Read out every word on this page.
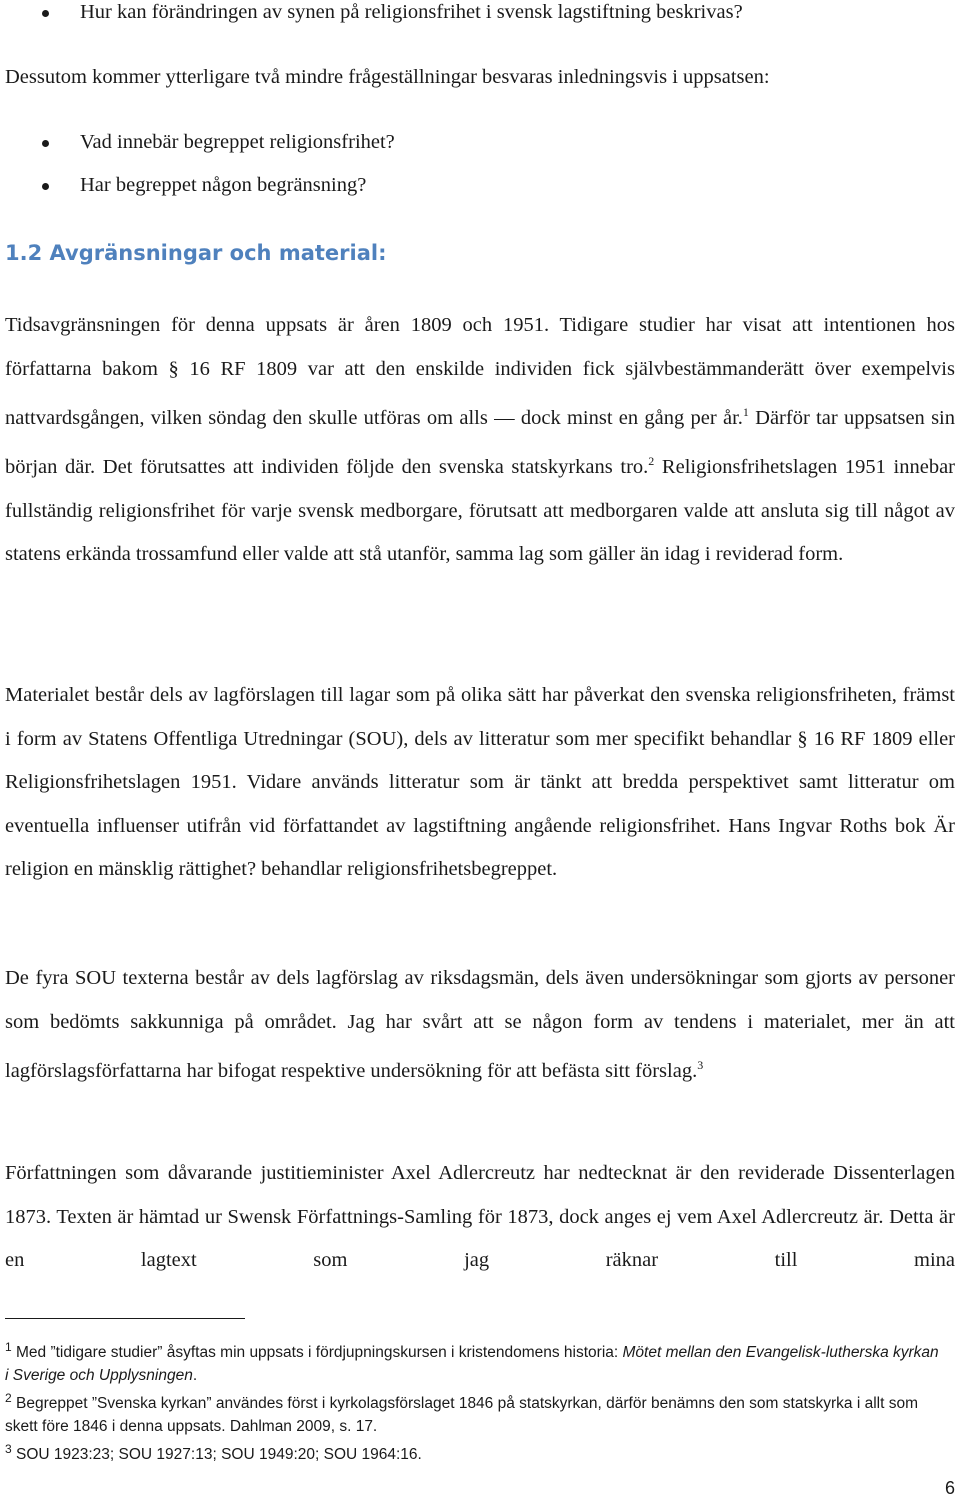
Hur kan förändringen av synen på religionsfrihet i svensk lagstiftning beskrivas?
Dessutom kommer ytterligare två mindre frågeställningar besvaras inledningsvis i uppsatsen:
Vad innebär begreppet religionsfrihet?
Har begreppet någon begränsning?
1.2 Avgränsningar och material:
Tidsavgränsningen för denna uppsats är åren 1809 och 1951. Tidigare studier har visat att intentionen hos författarna bakom § 16 RF 1809 var att den enskilde individen fick självbestämmanderätt över exempelvis nattvardsgången, vilken söndag den skulle utföras om alls — dock minst en gång per år.$^1$ Därför tar uppsatsen sin början där. Det förutsattes att individen följde den svenska statskyrkans tro.$^2$ Religionsfrihetslagen 1951 innebar fullständig religionsfrihet för varje svensk medborgare, förutsatt att medborgaren valde att ansluta sig till något av statens erkända trossamfund eller valde att stå utanför, samma lag som gäller än idag i reviderad form.
Materialet består dels av lagförslagen till lagar som på olika sätt har påverkat den svenska religionsfriheten, främst i form av Statens Offentliga Utredningar (SOU), dels av litteratur som mer specifikt behandlar § 16 RF 1809 eller Religionsfrihetslagen 1951. Vidare används litteratur som är tänkt att bredda perspektivet samt litteratur om eventuella influenser utifrån vid författandet av lagstiftning angående religionsfrihet. Hans Ingvar Roths bok Är religion en mänsklig rättighet? behandlar religionsfrihetsbegreppet.
De fyra SOU texterna består av dels lagförslag av riksdagsmän, dels även undersökningar som gjorts av personer som bedömts sakkunniga på området. Jag har svårt att se någon form av tendens i materialet, mer än att lagförslagsförfattarna har bifogat respektive undersökning för att befästa sitt förslag.$^3$
Författningen som dåvarande justitieminister Axel Adlercreutz har nedtecknat är den reviderade Dissenterlagen 1873. Texten är hämtad ur Swensk Författnings-Samling för 1873, dock anges ej vem Axel Adlercreutz är. Detta är en lagtext som jag räknar till mina
$^1$ Med ”tidigare studier” åsyftas min uppsats i fördjupningskursen i kristendomens historia: Mötet mellan den Evangelisk-lutherska kyrkan i Sverige och Upplysningen.
$^2$ Begreppet ”Svenska kyrkan” användes först i kyrkolagsförslaget 1846 på statskyrkan, därför benämns den som statskyrka i allt som skett före 1846 i denna uppsats. Dahlman 2009, s. 17.
$^3$ SOU 1923:23; SOU 1927:13; SOU 1949:20; SOU 1964:16.
6
